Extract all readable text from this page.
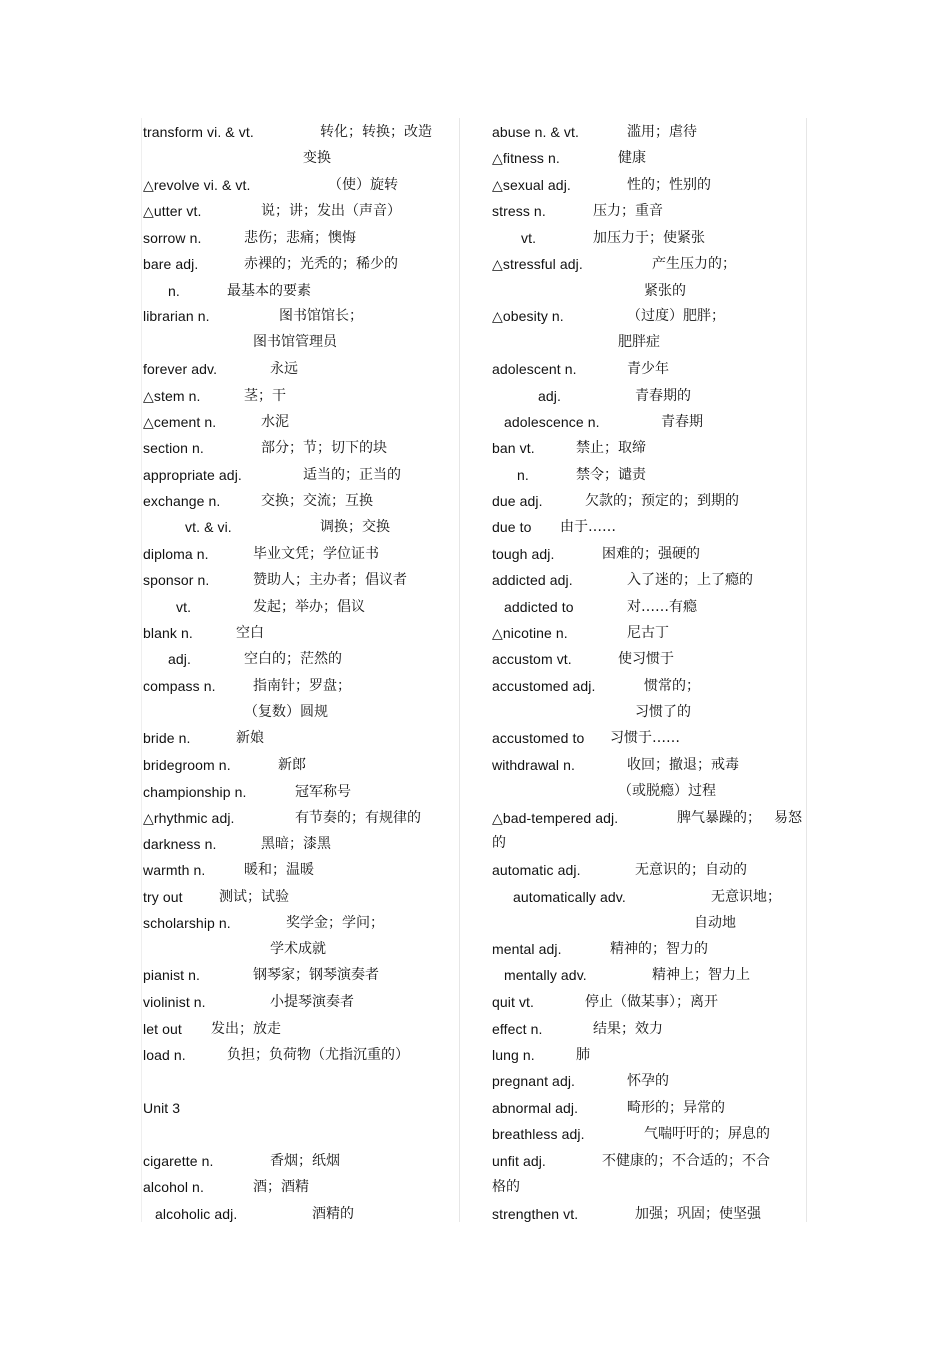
transform vi. & vt.	转化；转换；改造
变换
△revolve vi. & vt.	（使）旋转
△utter vt.	说；讲；发出（声音）
sorrow n.	悲伤；悲痛；懊悔
bare adj.	赤裸的；光秃的；稀少的
n.	最基本的要素
librarian n.	图书馆馆长；
图书馆管理员
forever adv.	永远
△stem n.	茎；干
△cement n.	水泥
section n.	部分；节；切下的块
appropriate adj.	适当的；正当的
exchange n.	交换；交流；互换
vt. & vi.	调换；交换
diploma n.	毕业文凭；学位证书
sponsor n.	赞助人；主办者；倡议者
vt.	发起；举办；倡议
blank n.	空白
adj.	空白的；茫然的
compass n.	指南针；罗盘；
（复数）圆规
bride n.	新娘
bridegroom n.	新郎
championship n.	冠军称号
△rhythmic adj.	有节奏的；有规律的
darkness n.	黑暗；漆黑
warmth n.	暖和；温暖
try out	测试；试验
scholarship n.	奖学金；学问；
学术成就
pianist n.	钢琴家；钢琴演奏者
violinist n.	小提琴演奏者
let out 发出；放走
load n.	负担；负荷物（尤指沉重的）
Unit 3
cigarette n.	香烟；纸烟
alcohol n.	酒；酒精
alcoholic adj.	酒精的
abuse n. & vt.	滥用；虐待
△fitness n.	健康
△sexual adj.	性的；性别的
stress n.	压力；重音
vt.	加压力于；使紧张
△stressful adj.	产生压力的；
紧张的
△obesity n.	（过度）肥胖；
肥胖症
adolescent n.	青少年
adj.	青春期的
adolescence n.	青春期
ban vt.	禁止；取缔
n.	禁令；谴责
due adj.	欠款的；预定的；到期的
due to 由于……
tough adj.	困难的；强硬的
addicted adj.	入了迷的；上了瘾的
addicted to	对……有瘾
△nicotine n.	尼古丁
accustom vt.	使习惯于
accustomed adj.	惯常的；
习惯了的
accustomed to 习惯于……
withdrawal n.	收回；撤退；戒毒
（或脱瘾）过程
△bad-tempered adj.	脾气暴躁的； 易怒
的
automatic adj.	无意识的；自动的
automatically adv.	无意识地；
自动地
mental adj.	精神的；智力的
mentally adv.	精神上；智力上
quit vt.	停止（做某事）；离开
effect n.	结果；效力
lung n.	肺
pregnant adj.	怀孕的
abnormal adj.	畸形的；异常的
breathless adj.	气喘吁吁的；屏息的
unfit adj.	不健康的；不合适的；不合
格的
strengthen vt.	加强；巩固；使坚强
